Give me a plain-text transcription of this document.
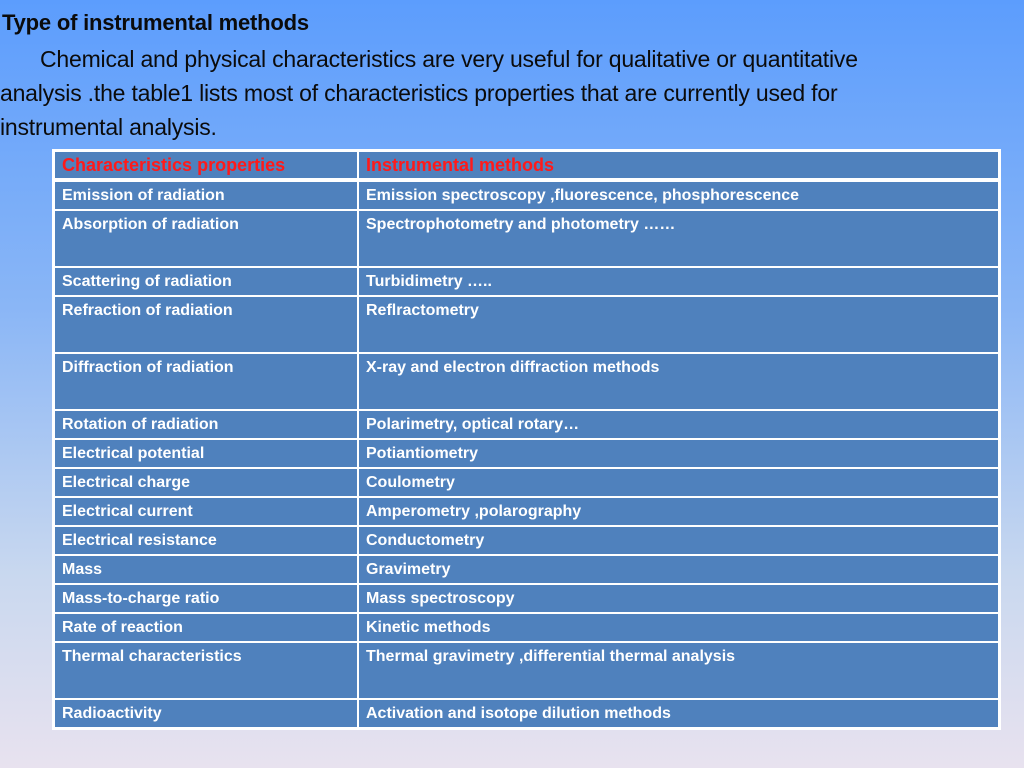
Type of instrumental methods
Chemical and physical characteristics are very useful for qualitative or quantitative
analysis .the table1 lists most of characteristics properties that are currently used for
instrumental analysis.
Characteristics properties	Instrumental methods
Emission of radiation	Emission spectroscopy ,fluorescence, phosphorescence
Absorption of radiation	Spectrophotometry and photometry ……
Scattering of radiation	Turbidimetry …..
Refraction of radiation	Reflractometry
Diffraction of radiation	X-ray and electron diffraction methods
Rotation of radiation	Polarimetry, optical rotary…
Electrical potential	Potiantiometry
Electrical charge	Coulometry
Electrical current	Amperometry ,polarography
Electrical resistance	Conductometry
Mass	Gravimetry
Mass-to-charge ratio	Mass spectroscopy
Rate of reaction	Kinetic methods
Thermal characteristics	Thermal gravimetry ,differential thermal analysis
Radioactivity	Activation and isotope dilution methods
